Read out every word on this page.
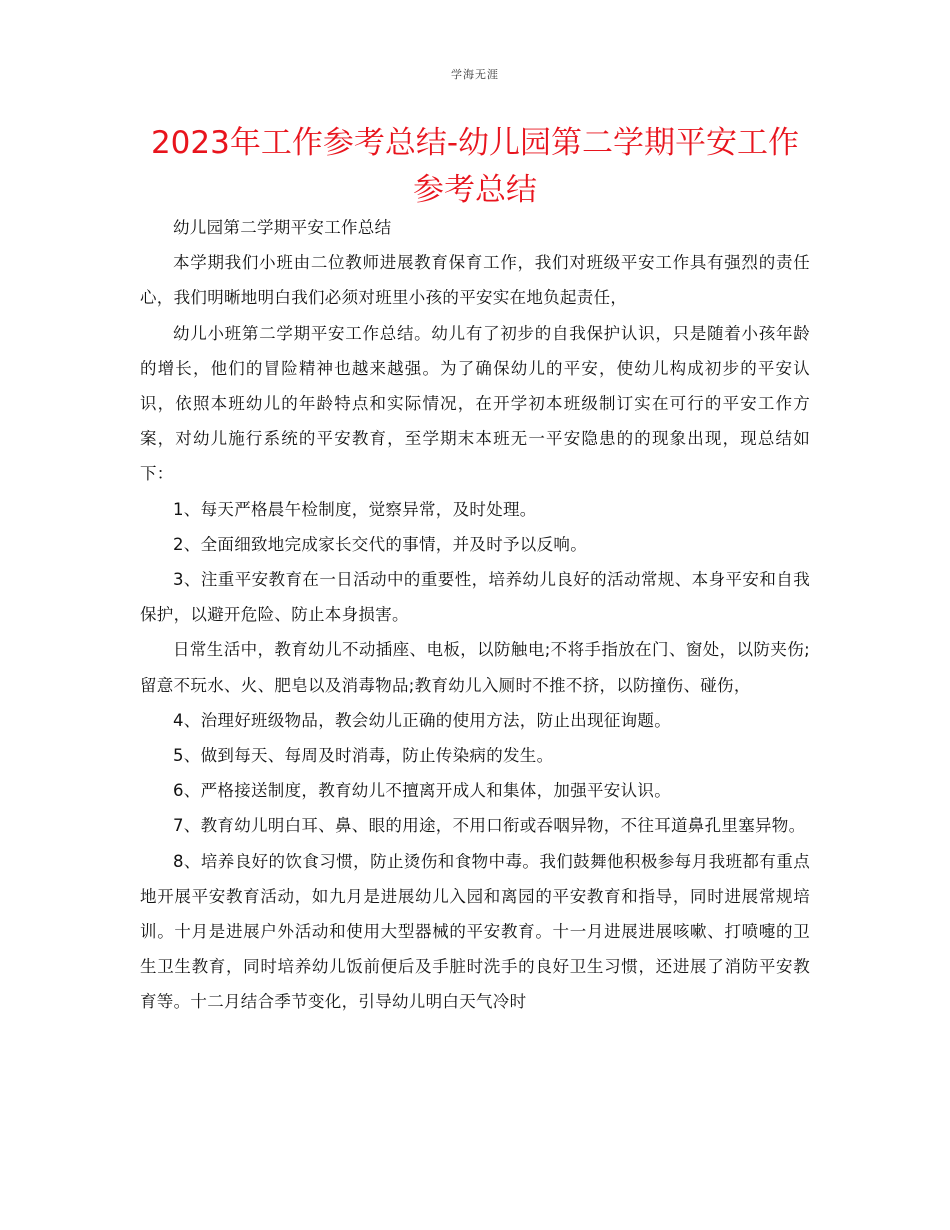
学海无涯
2023年工作参考总结-幼儿园第二学期平安工作参考总结

幼儿园第二学期平安工作总结

本学期我们小班由二位教师进展教育保育工作，我们对班级平安工作具有强烈的责任心，我们明晰地明白我们必须对班里小孩的平安实在地负起责任，

幼儿小班第二学期平安工作总结。幼儿有了初步的自我保护认识，只是随着小孩年龄的增长，他们的冒险精神也越来越强。为了确保幼儿的平安，使幼儿构成初步的平安认识，依照本班幼儿的年龄特点和实际情况，在开学初本班级制订实在可行的平安工作方案，对幼儿施行系统的平安教育，至学期末本班无一平安隐患的的现象出现，现总结如下：

1、每天严格晨午检制度，觉察异常，及时处理。

2、全面细致地完成家长交代的事情，并及时予以反响。

3、注重平安教育在一日活动中的重要性，培养幼儿良好的活动常规、本身平安和自我保护，以避开危险、防止本身损害。

日常生活中，教育幼儿不动插座、电板，以防触电;不将手指放在门、窗处，以防夹伤;留意不玩水、火、肥皂以及消毒物品;教育幼儿入厕时不推不挤，以防撞伤、碰伤，

4、治理好班级物品，教会幼儿正确的使用方法，防止出现征询题。

5、做到每天、每周及时消毒，防止传染病的发生。

6、严格接送制度，教育幼儿不擅离开成人和集体，加强平安认识。

7、教育幼儿明白耳、鼻、眼的用途，不用口衔或吞咽异物，不往耳道鼻孔里塞异物。

8、培养良好的饮食习惯，防止烫伤和食物中毒。我们鼓舞他积极参每月我班都有重点地开展平安教育活动，如九月是进展幼儿入园和离园的平安教育和指导，同时进展常规培训。十月是进展户外活动和使用大型器械的平安教育。十一月进展进展咳嗽、打喷嚏的卫生卫生教育，同时培养幼儿饭前便后及手脏时洗手的良好卫生习惯，还进展了消防平安教育等。十二月结合季节变化，引导幼儿明白天气冷时
